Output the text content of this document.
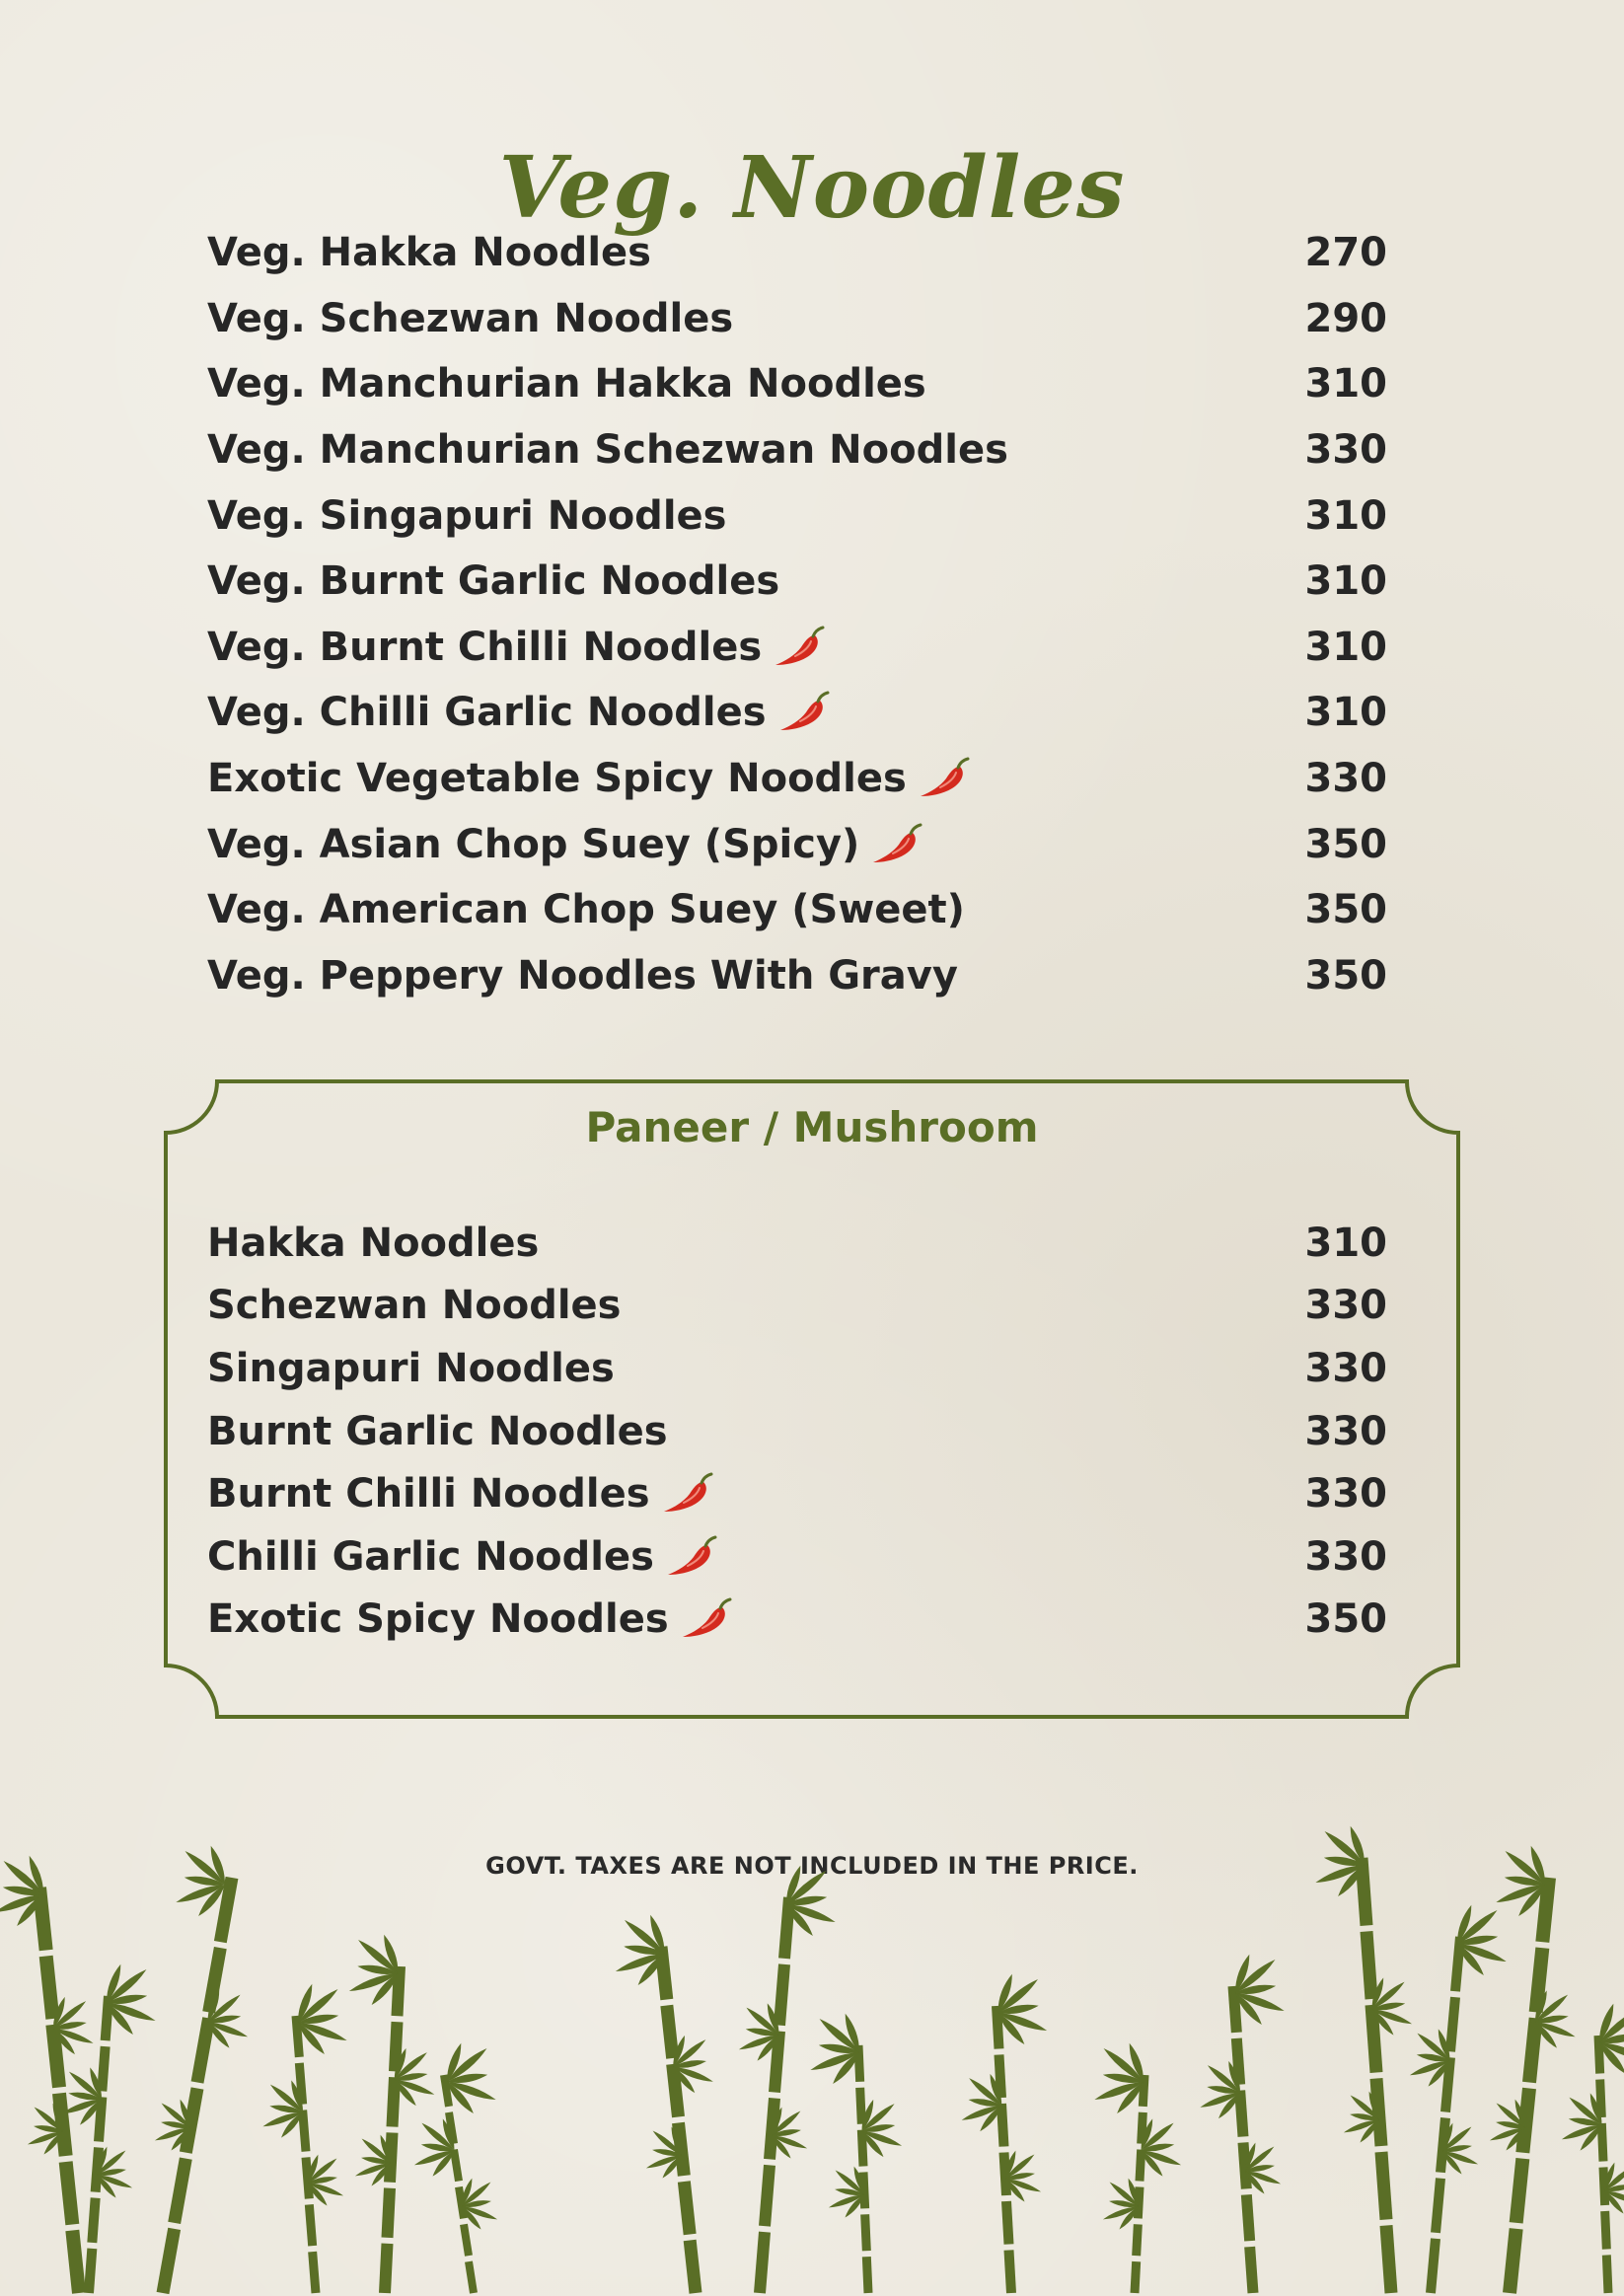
Veg. Noodles
Veg. Hakka Noodles	270
Veg. Schezwan Noodles	290
Veg. Manchurian Hakka Noodles	310
Veg. Manchurian Schezwan Noodles	330
Veg. Singapuri Noodles	310
Veg. Burnt Garlic Noodles	310
Veg. Burnt Chilli Noodles	310
Veg. Chilli Garlic Noodles	310
Exotic Vegetable Spicy Noodles	330
Veg. Asian Chop Suey (Spicy)	350
Veg. American Chop Suey (Sweet)	350
Veg. Peppery Noodles With Gravy	350
Paneer / Mushroom
Hakka Noodles	310
Schezwan Noodles	330
Singapuri Noodles	330
Burnt Garlic Noodles	330
Burnt Chilli Noodles	330
Chilli Garlic Noodles	330
Exotic Spicy Noodles	350
GOVT. TAXES ARE NOT INCLUDED IN THE PRICE.
